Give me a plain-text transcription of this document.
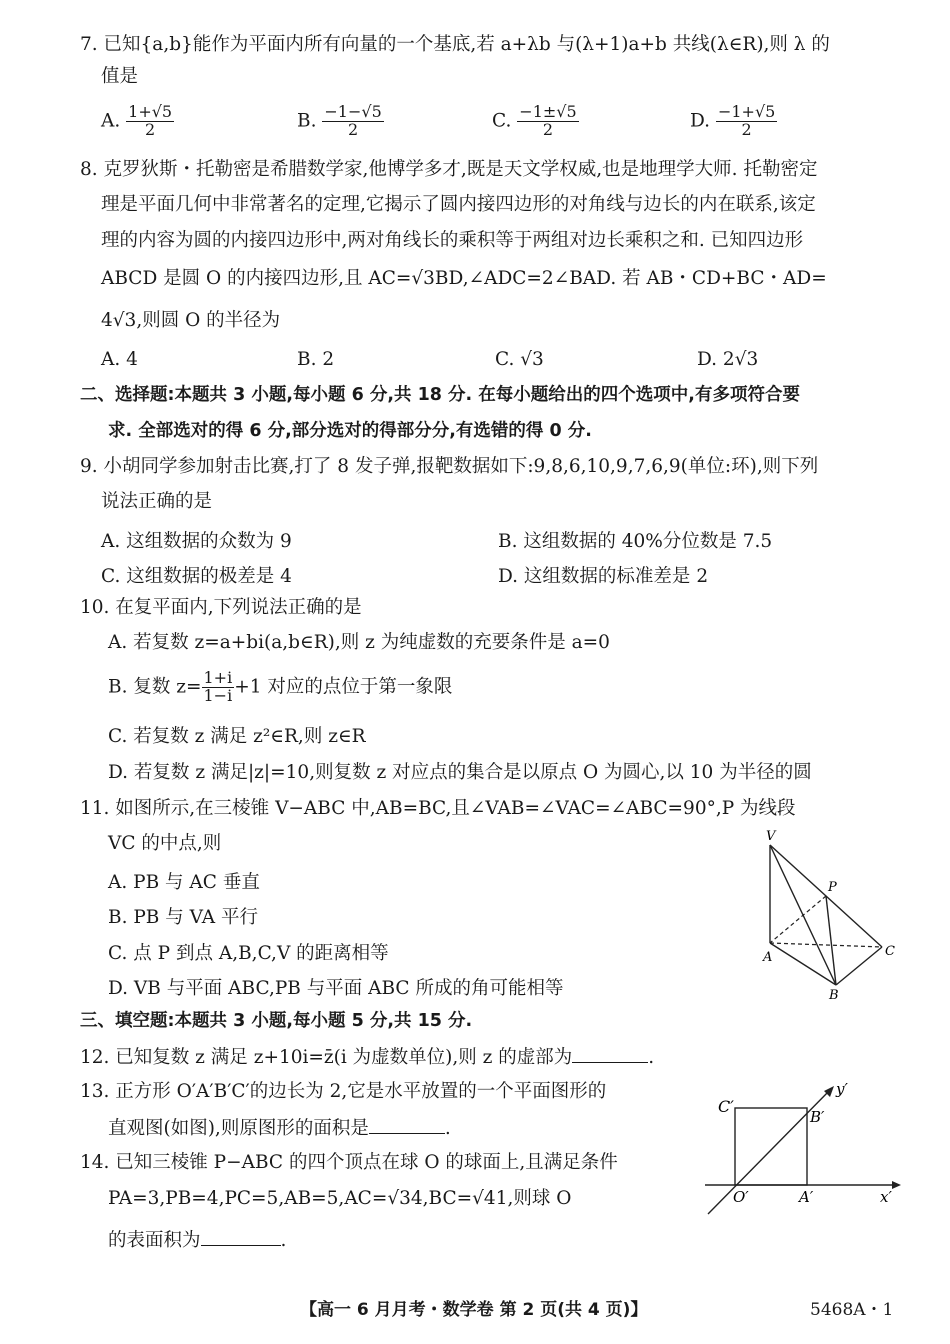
7. 已知{a,b}能作为平面内所有向量的一个基底,若 a+λb 与(λ+1)a+b 共线(λ∈R),则 λ 的
值是
A. $\frac{1+√5}{2}$	B. $\frac{-1-√5}{2}$	C. $\frac{-1\pm√5}{2}$	D. $\frac{-1+√5}{2}$
8. 克罗狄斯・托勒密是希腊数学家,他博学多才,既是天文学权威,也是地理学大师. 托勒密定
理是平面几何中非常著名的定理,它揭示了圆内接四边形的对角线与边长的内在联系,该定
理的内容为圆的内接四边形中,两对角线长的乘积等于两组对边长乘积之和. 已知四边形
ABCD 是圆 O 的内接四边形,且 AC=√3BD,∠ADC=2∠BAD. 若 AB・CD+BC・AD=
4√3,则圆 O 的半径为
A. 4	B. 2	C. √3	D. 2√3
二、选择题:本题共 3 小题,每小题 6 分,共 18 分. 在每小题给出的四个选项中,有多项符合要
求. 全部选对的得 6 分,部分选对的得部分分,有选错的得 0 分.
9. 小胡同学参加射击比赛,打了 8 发子弹,报靶数据如下:9,8,6,10,9,7,6,9(单位:环),则下列
说法正确的是
A. 这组数据的众数为 9	B. 这组数据的 40%分位数是 7.5
C. 这组数据的极差是 4	D. 这组数据的标准差是 2
10. 在复平面内,下列说法正确的是
A. 若复数 z=a+bi(a,b∈R),则 z 为纯虚数的充要条件是 a=0
B. 复数 $z= \frac{1+i}{1-i} +1$ 对应的点位于第一象限
C. 若复数 z 满足 z²∈R,则 z∈R
D. 若复数 z 满足|z|=10,则复数 z 对应点的集合是以原点 O 为圆心,以 10 为半径的圆
11. 如图所示,在三棱锥 V−ABC 中,AB=BC,且∠VAB=∠VAC=∠ABC=90°,P 为线段
VC 的中点,则
A. PB 与 AC 垂直
B. PB 与 VA 平行
C. 点 P 到点 A,B,C,V 的距离相等
D. VB 与平面 ABC,PB 与平面 ABC 所成的角可能相等
V
P
A
B
C
三、填空题:本题共 3 小题,每小题 5 分,共 15 分.
12. 已知复数 z 满足 z+10i=z̄(i 为虚数单位),则 z 的虚部为	.
13. 正方形 O′A′B′C′的边长为 2,它是水平放置的一个平面图形的
直观图(如图),则原图形的面积是	.
C′
B′
O′	A′	x′
y′
14. 已知三棱锥 P−ABC 的四个顶点在球 O 的球面上,且满足条件
PA=3,PB=4,PC=5,AB=5,AC=√34,BC=√41,则球 O
的表面积为	.
【高一 6 月月考・数学卷 第 2 页(共 4 页)】	5468A・1
